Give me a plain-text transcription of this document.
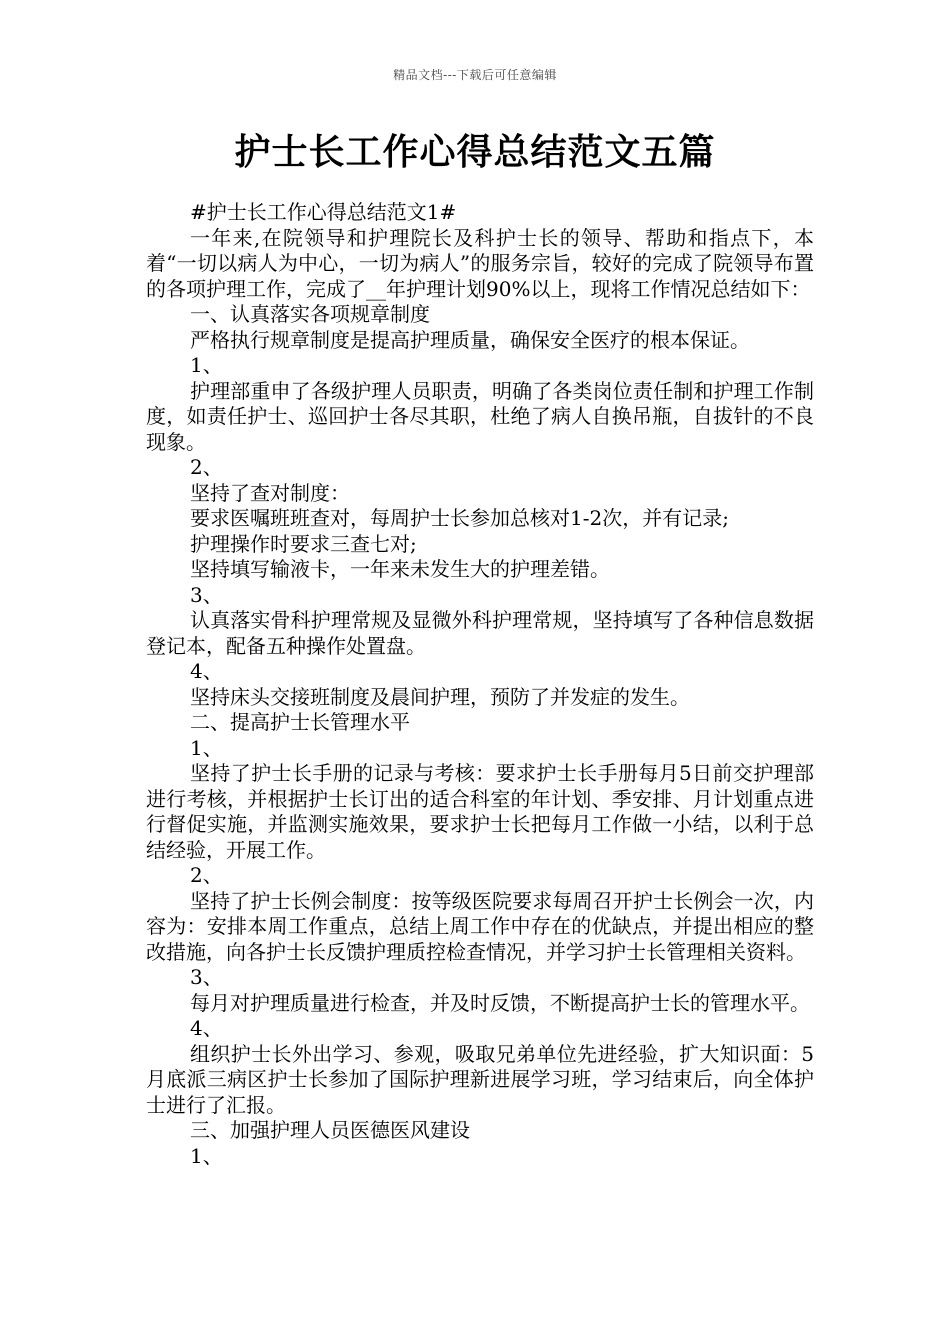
精品文档---下载后可任意编辑
护士长工作心得总结范文五篇

#护士长工作心得总结范文1#

一年来,在院领导和护理院长及科护士长的领导、帮助和指点下，本着“一切以病人为中心，一切为病人”的服务宗旨，较好的完成了院领导布置的各项护理工作，完成了__年护理计划90%以上，现将工作情况总结如下：

一、认真落实各项规章制度

严格执行规章制度是提高护理质量，确保安全医疗的根本保证。

1、

护理部重申了各级护理人员职责，明确了各类岗位责任制和护理工作制度，如责任护士、巡回护士各尽其职，杜绝了病人自换吊瓶，自拔针的不良现象。

2、

坚持了查对制度：

要求医嘱班班查对，每周护士长参加总核对1-2次，并有记录;

护理操作时要求三查七对;

坚持填写输液卡，一年来未发生大的护理差错。

3、

认真落实骨科护理常规及显微外科护理常规，坚持填写了各种信息数据登记本，配备五种操作处置盘。

4、

坚持床头交接班制度及晨间护理，预防了并发症的发生。

二、提高护士长管理水平

1、

坚持了护士长手册的记录与考核：要求护士长手册每月5日前交护理部进行考核，并根据护士长订出的适合科室的年计划、季安排、月计划重点进行督促实施，并监测实施效果，要求护士长把每月工作做一小结，以利于总结经验，开展工作。

2、

坚持了护士长例会制度：按等级医院要求每周召开护士长例会一次，内容为：安排本周工作重点，总结上周工作中存在的优缺点，并提出相应的整改措施，向各护士长反馈护理质控检查情况，并学习护士长管理相关资料。

3、

每月对护理质量进行检查，并及时反馈，不断提高护士长的管理水平。

4、

组织护士长外出学习、参观，吸取兄弟单位先进经验，扩大知识面：5月底派三病区护士长参加了国际护理新进展学习班，学习结束后，向全体护士进行了汇报。

三、加强护理人员医德医风建设

1、
